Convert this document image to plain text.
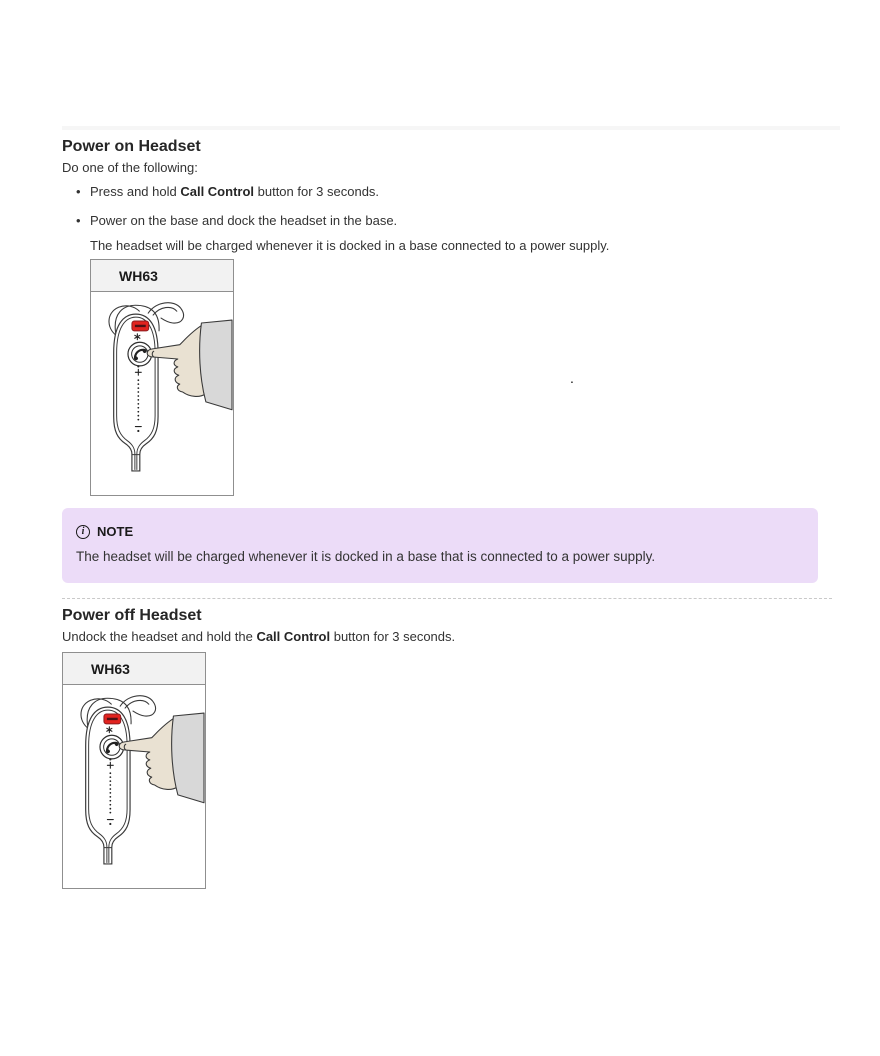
Power on Headset

Do one of the following:

• Press and hold Call Control button for 3 seconds.
• Power on the base and dock the headset in the base.

The headset will be charged whenever it is docked in a base connected to a power supply.

WH63
i NOTE

The headset will be charged whenever it is docked in a base that is connected to a power supply.

Power off Headset

Undock the headset and hold the Call Control button for 3 seconds.

WH63
.
